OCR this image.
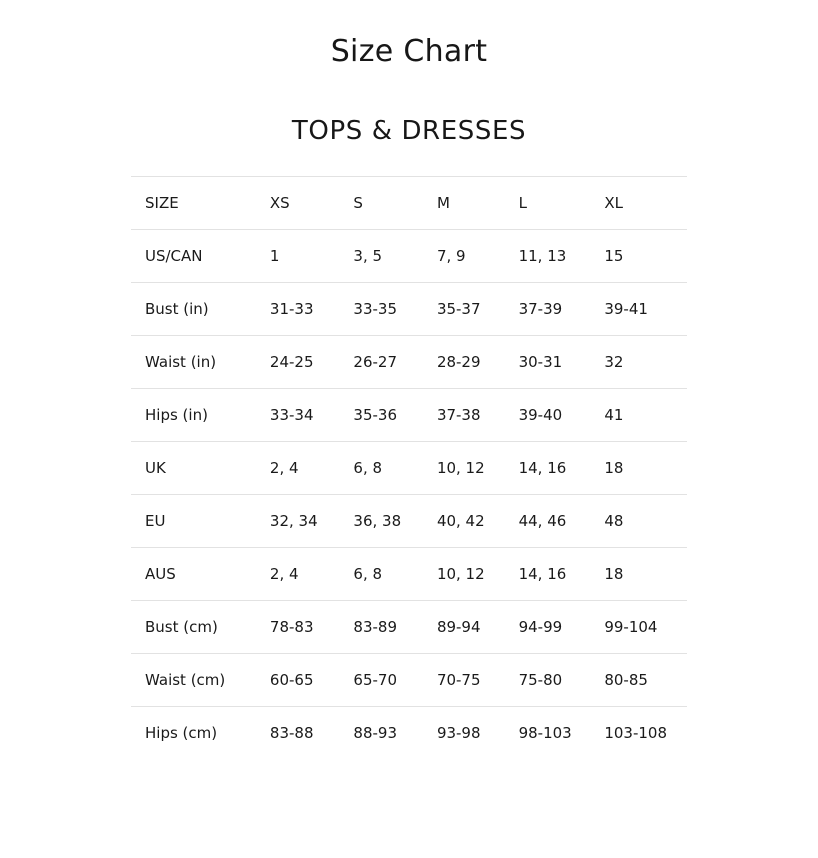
Size Chart
TOPS & DRESSES
SIZE	XS	S	M	L	XL
US/CAN	1	3, 5	7, 9	11, 13	15
Bust (in)	31-33	33-35	35-37	37-39	39-41
Waist (in)	24-25	26-27	28-29	30-31	32
Hips (in)	33-34	35-36	37-38	39-40	41
UK	2, 4	6, 8	10, 12	14, 16	18
EU	32, 34	36, 38	40, 42	44, 46	48
AUS	2, 4	6, 8	10, 12	14, 16	18
Bust (cm)	78-83	83-89	89-94	94-99	99-104
Waist (cm)	60-65	65-70	70-75	75-80	80-85
Hips (cm)	83-88	88-93	93-98	98-103	103-108
